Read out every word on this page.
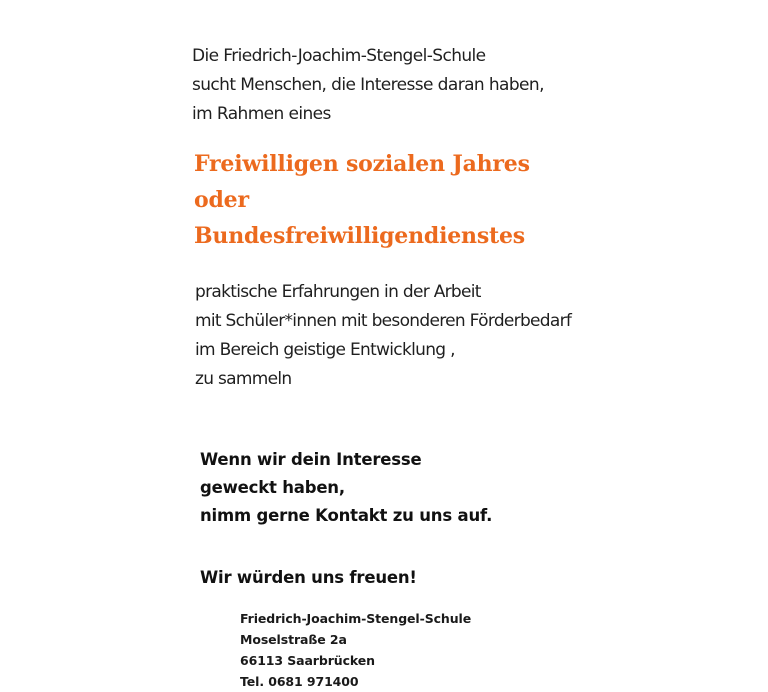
Die Friedrich-Joachim-Stengel-Schule
sucht Menschen, die Interesse daran haben,
im Rahmen eines
Freiwilligen sozialen Jahres
oder
Bundesfreiwilligendienstes
praktische Erfahrungen in der Arbeit
mit Schüler*innen mit besonderen Förderbedarf
im Bereich geistige Entwicklung ,
zu sammeln
Wenn wir dein Interesse
geweckt haben,
nimm gerne Kontakt zu uns auf.
Wir würden uns freuen!
Friedrich-Joachim-Stengel-Schule
Moselstraße 2a
66113 Saarbrücken
Tel. 0681 971400
